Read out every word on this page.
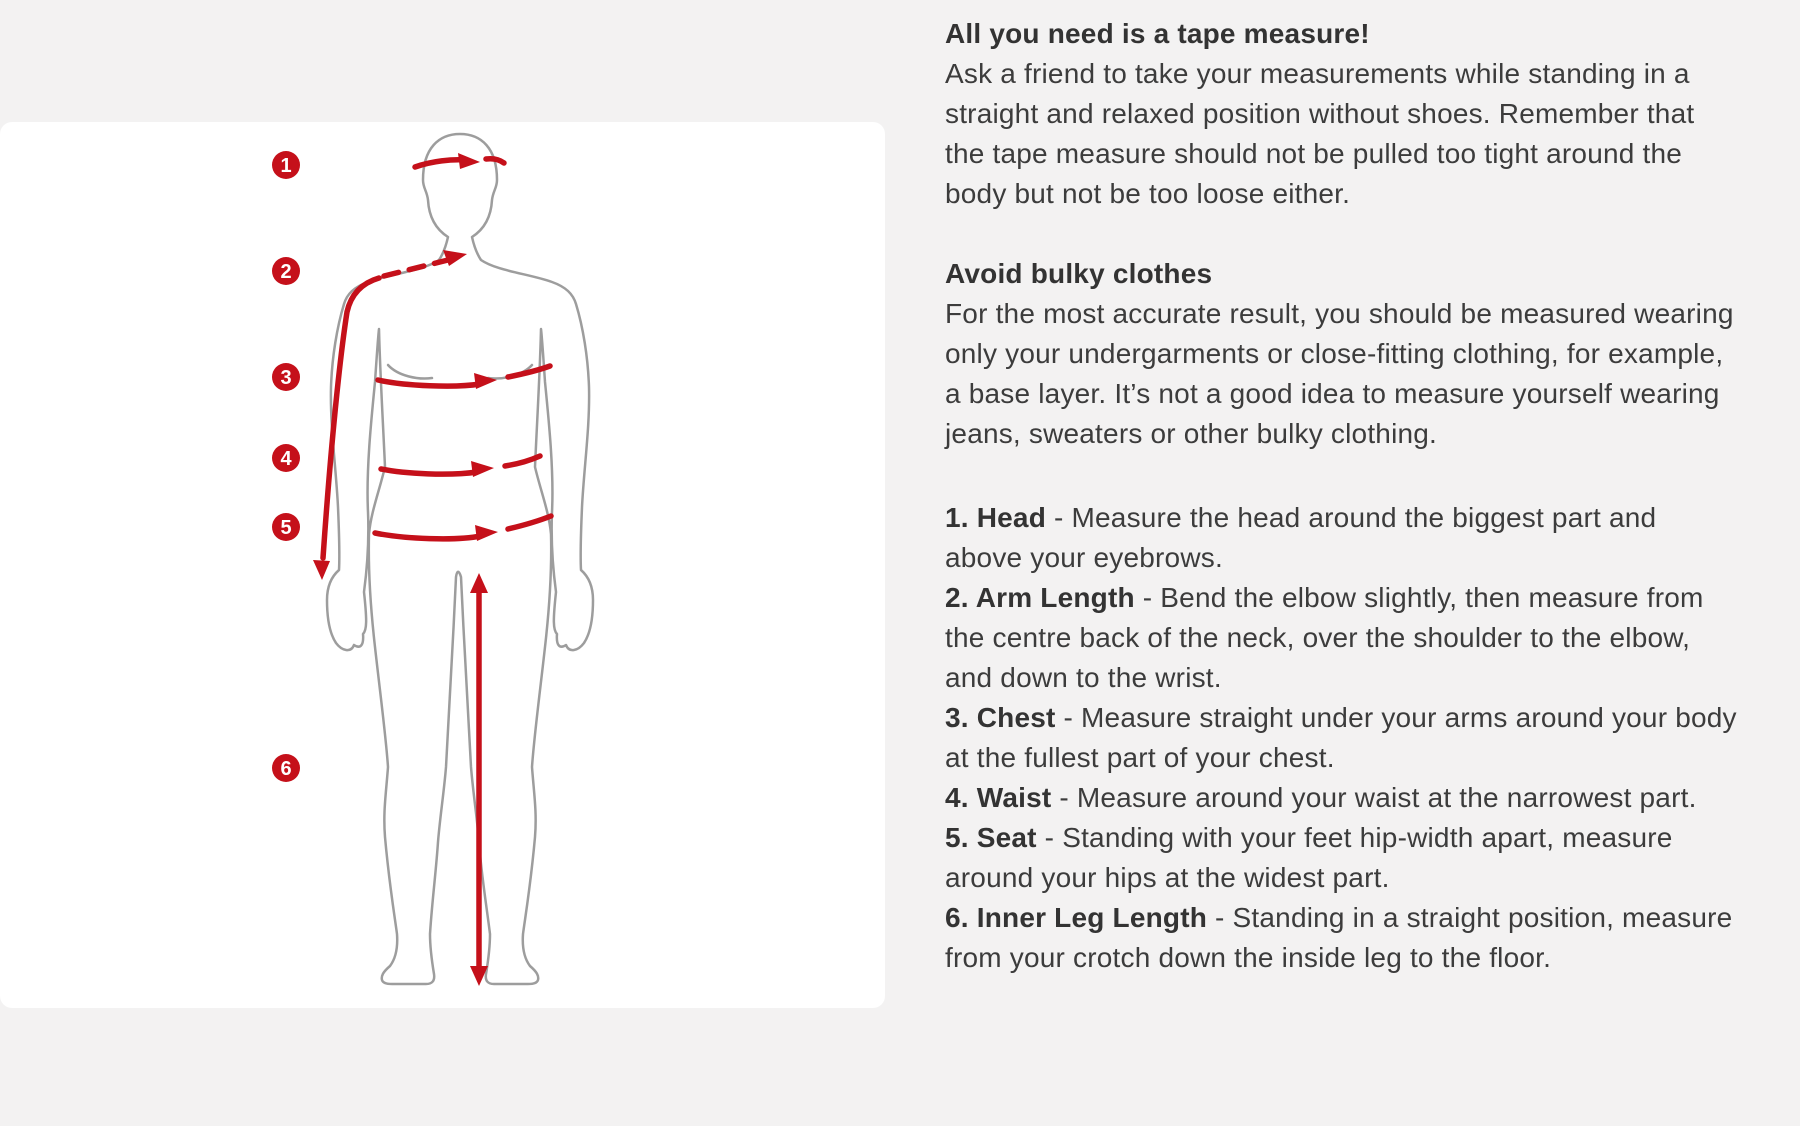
1
2
3
4
5
6
All you need is a tape measure!

Ask a friend to take your measurements while standing in a straight and relaxed position without shoes. Remember that the tape measure should not be pulled too tight around the body but not be too loose either.

Avoid bulky clothes

For the most accurate result, you should be measured wearing only your undergarments or close-fitting clothing, for example, a base layer. It’s not a good idea to measure yourself wearing jeans, sweaters or other bulky clothing.

1. Head - Measure the head around the biggest part and above your eyebrows.

2. Arm Length - Bend the elbow slightly, then measure from the centre back of the neck, over the shoulder to the elbow, and down to the wrist.

3. Chest - Measure straight under your arms around your body at the fullest part of your chest.

4. Waist - Measure around your waist at the narrowest part.

5. Seat - Standing with your feet hip-width apart, measure around your hips at the widest part.

6. Inner Leg Length - Standing in a straight position, measure from your crotch down the inside leg to the floor.
